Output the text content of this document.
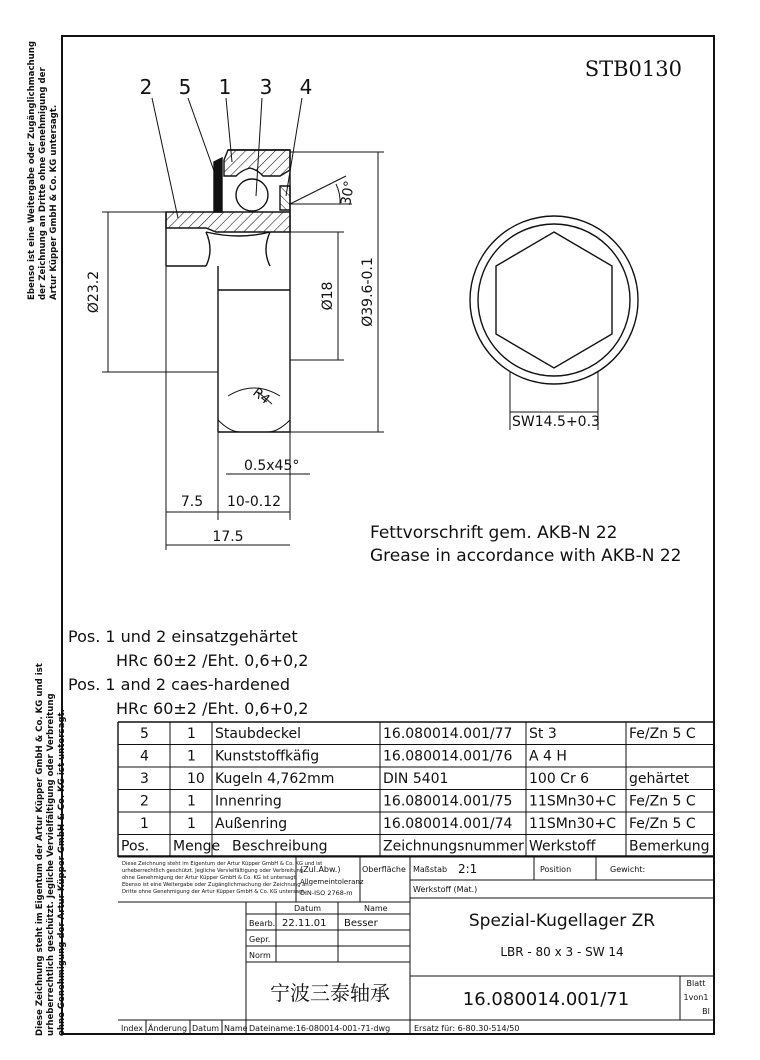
STB0130
Ebenso ist eine Weitergabe oder Zugänglichmachung der Zeichnung an Dritte ohne Genehmigung der Artur Küpper GmbH & Co. KG untersagt.
Diese Zeichnung steht im Eigentum der Artur Küpper GmbH & Co. KG und ist urheberrechtlich geschützt. Jegliche Vervielfältigung oder Verbreitung ohne Genehmigung der Artur Küpper GmbH & Co. KG ist untersagt.
2 5 1 3 4
Ø23.2	Ø18 Ø39.6-0.1
30°
R4
0.5x45°
7.5 10-0.12
17.5
SW14.5+0.3
Fettvorschrift gem. AKB-N 22
Grease in accordance with AKB-N 22
Pos. 1 und 2 einsatzgehärtet
HRc 60±2 /Eht. 0,6+0,2
Pos. 1 and 2 caes-hardened
HRc 60±2 /Eht. 0,6+0,2
5	1 Staubdeckel	16.080014.001/77 St 3	Fe/Zn 5 C
4	1 Kunststoffkäfig	16.080014.001/76 A 4 H
3	10 Kugeln 4,762mm	DIN 5401	100 Cr 6	gehärtet
2	1 Innenring	16.080014.001/75 11SMn30+C Fe/Zn 5 C
1	1 Außenring	16.080014.001/74 11SMn30+C Fe/Zn 5 C
Pos. Menge Beschreibung	Zeichnungsnummer Werkstoff Bemerkung
Diese Zeichnung steht im Eigentum der Artur Küpper GmbH & Co. KG und ist
urheberrechtlich geschützt. Jegliche Vervielfältigung oder Verbreitung
ohne Genehmigung der Artur Küpper GmbH & Co. KG ist untersagt.
Ebenso ist eine Weitergabe oder Zugänglichmachung der Zeichnung an
Dritte ohne Genehmigung der Artur Küpper GmbH & Co. KG untersagt.
(Zul.Abw.)
Allgemeintoleranz
DIN-ISO 2768-m
Oberfläche Maßstab 2:1	Position	Gewicht:
Werkstoff (Mat.)
Datum	Name
Bearb. 22.11.01 Besser
Gepr.
Norm
Spezial-Kugellager ZR
LBR - 80 x 3 - SW 14
宁波三泰轴承	16.080014.001/71
Blatt
1von1
Bl
Index Änderung Datum Name Dateiname:16-080014-001-71-dwg	Ersatz für: 6-80.30-514/50
